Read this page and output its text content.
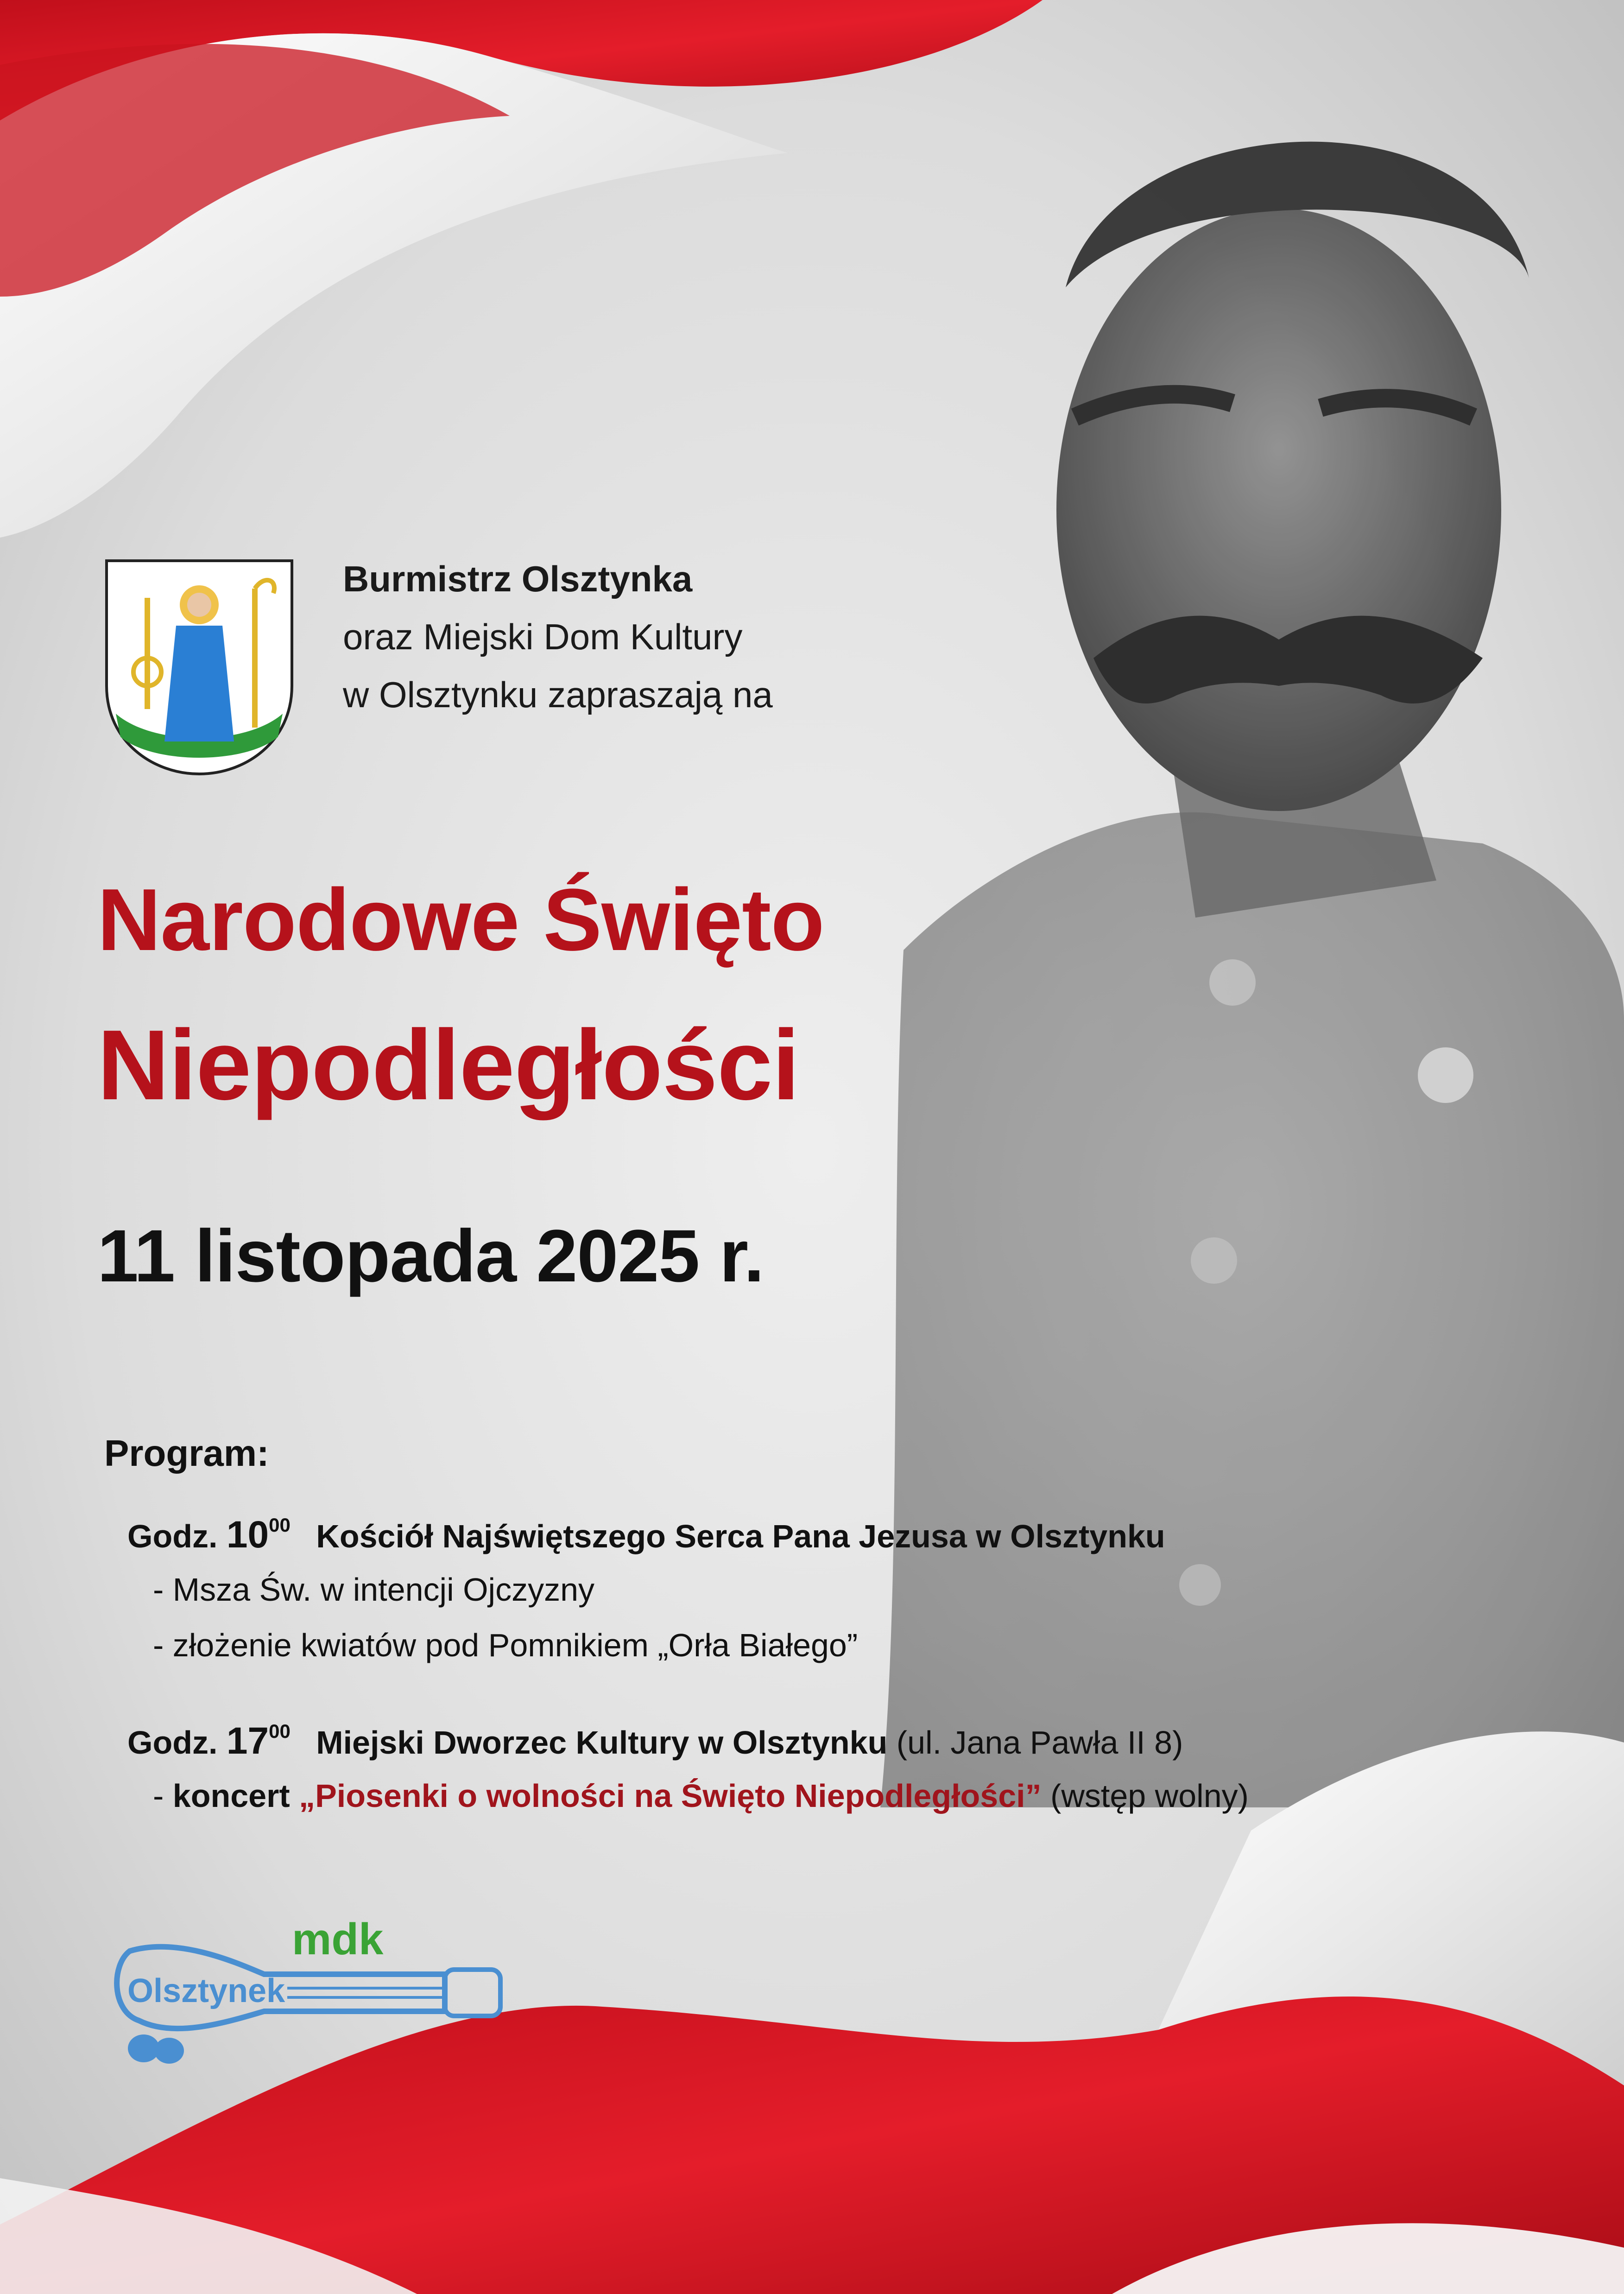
Burmistrz Olsztynka
oraz Miejski Dom Kultury
w Olsztynku zapraszają na
Narodowe Święto
Niepodległości
11 listopada 2025 r.
Program:
Godz. $10^{00}$ Kościół Najświętszego Serca Pana Jezusa w Olsztynku
- Msza Św. w intencji Ojczyzny
- złożenie kwiatów pod Pomnikiem „Orła Białego”
Godz. $17^{00}$ Miejski Dworzec Kultury w Olsztynku (ul. Jana Pawła II 8)
- koncert „Piosenki o wolności na Święto Niepodległości” (wstęp wolny)
mdk
Olsztynek
